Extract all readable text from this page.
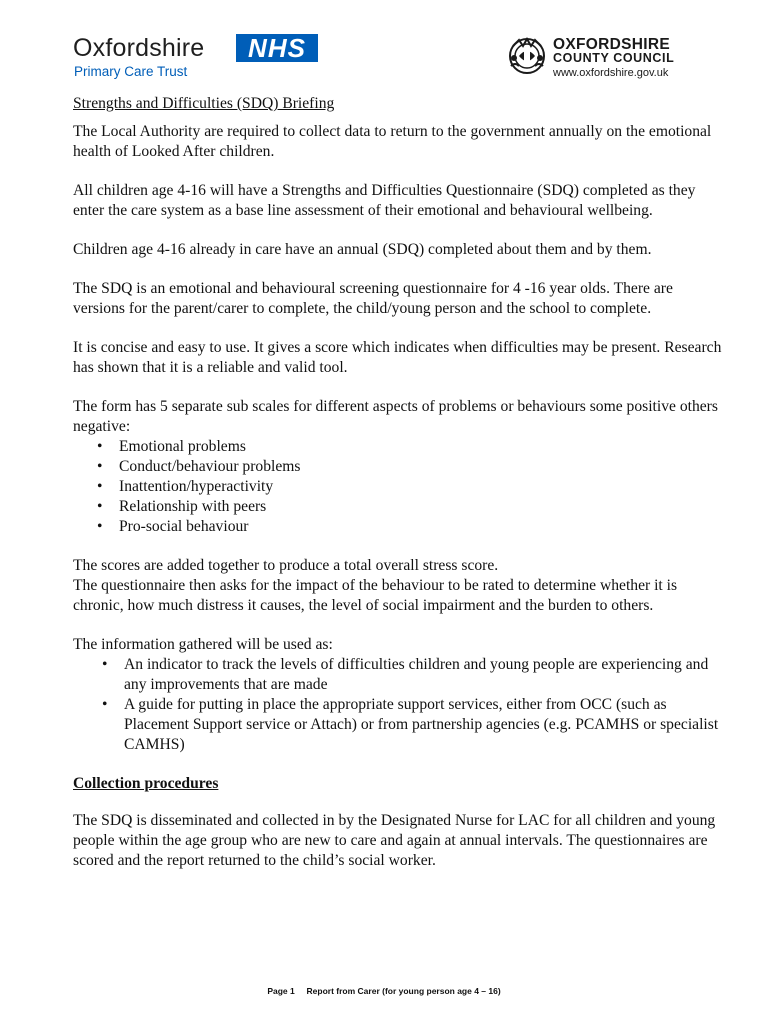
Oxfordshire	NHS
Primary Care Trust
OXFORDSHIRE
COUNTY COUNCIL
www.oxfordshire.gov.uk

Strengths and Difficulties (SDQ) Briefing

The Local Authority are required to collect data to return to the government annually on the emotional health of Looked After children.

All children age 4-16 will have a Strengths and Difficulties Questionnaire (SDQ) completed as they enter the care system as a base line assessment of their emotional and behavioural wellbeing.

Children age 4-16 already in care have an annual (SDQ) completed about them and by them.

The SDQ is an emotional and behavioural screening questionnaire for 4 -16 year olds. There are versions for the parent/carer to complete, the child/young person and the school to complete.

It is concise and easy to use. It gives a score which indicates when difficulties may be present. Research has shown that it is a reliable and valid tool.

The form has 5 separate sub scales for different aspects of problems or behaviours some positive others negative:

• Emotional problems
• Conduct/behaviour problems
• Inattention/hyperactivity
• Relationship with peers
• Pro-social behaviour

The scores are added together to produce a total overall stress score.

The questionnaire then asks for the impact of the behaviour to be rated to determine whether it is chronic, how much distress it causes, the level of social impairment and the burden to others.

The information gathered will be used as:

• An indicator to track the levels of difficulties children and young people are experiencing and any improvements that are made
• A guide for putting in place the appropriate support services, either from OCC (such as Placement Support service or Attach) or from partnership agencies (e.g. PCAMHS or specialist CAMHS)

Collection procedures

The SDQ is disseminated and collected in by the Designated Nurse for LAC for all children and young people within the age group who are new to care and again at annual intervals. The questionnaires are scored and the report returned to the child’s social worker.

Page 1 Report from Carer (for young person age 4 – 16)
